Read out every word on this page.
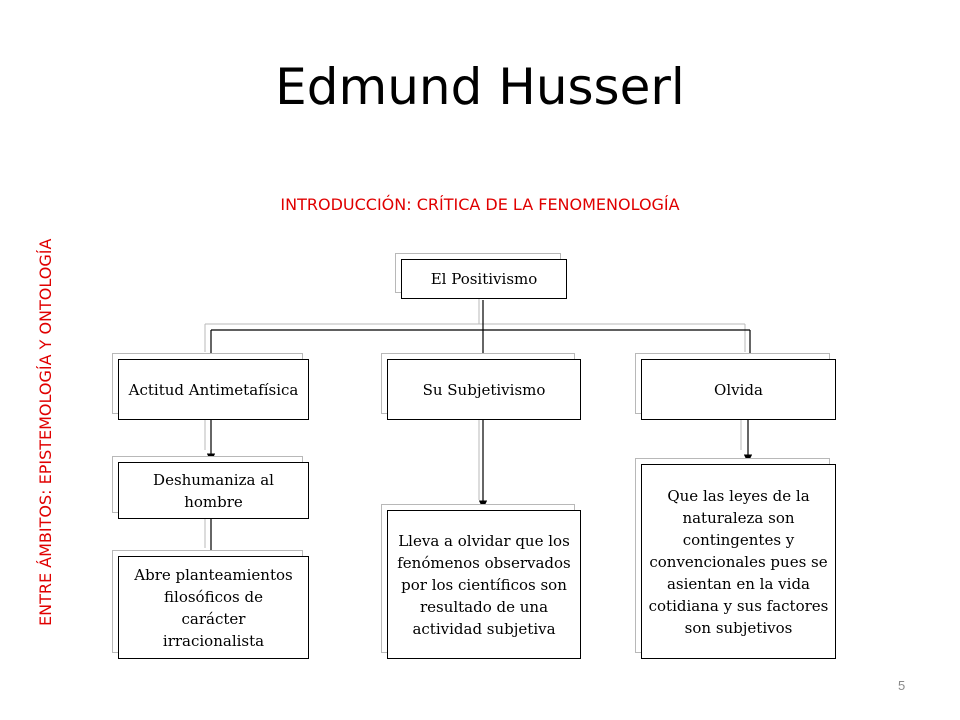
Edmund Husserl
INTRODUCCIÓN: CRÍTICA DE LA FENOMENOLOGÍA
ENTRE ÁMBITOS: EPISTEMOLOGÍA Y ONTOLOGÍA	El Positivismo
Actitud Antimetafísica	Su Subjetivismo	Olvida
Deshumaniza al hombre
Abre planteamientos filosóficos de carácter irracionalista
Lleva a olvidar que los fenómenos observados por los científicos son resultado de una actividad subjetiva
Que las leyes de la naturaleza son contingentes y convencionales pues se asientan en la vida cotidiana y sus factores son subjetivos
5
